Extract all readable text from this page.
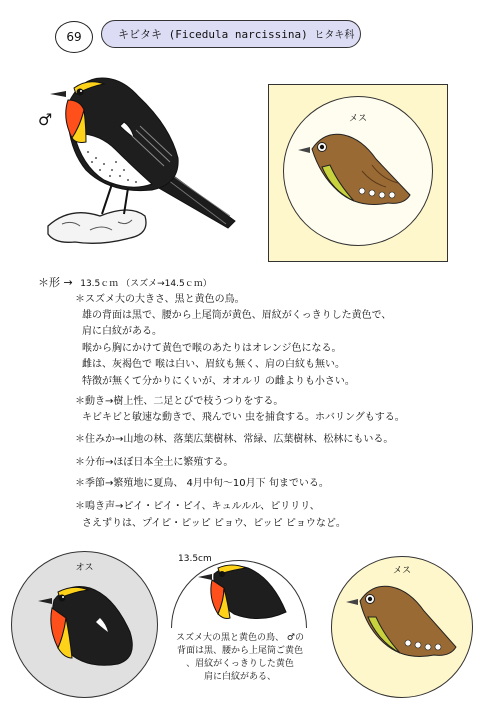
69	キビタキ (Ficedula narcissina) ヒタキ科
♂	メス
＊形 → 13.5ｃｍ （スズメ→14.5ｃｍ）
＊スズメ大の大きさ、黒と黄色の鳥。
雄の背面は黒で、腰から上尾筒が黄色、眉紋がくっきりした黄色で、
肩に白紋がある。
喉から胸にかけて黄色で喉のあたりはオレンジ色になる。
雌は、灰褐色で 喉は白い、眉紋も無く、肩の白紋も無い。
特徴が無くて分かりにくいが、オオルリ の雌よりも小さい。
＊動き→樹上性、二足とびで枝うつりをする。
キビキビと敏速な動きで、飛んでい 虫を捕食する。ホバリングもする。
＊住みか→山地の林、落葉広葉樹林、常緑、広葉樹林、松林にもいる。
＊分布→ほぼ日本全土に繁殖する。
＊季節→繁殖地に夏鳥、 4月中旬～10月下 旬までいる。
＊鳴き声→ピイ・ピイ・ピイ、キュルルル、ピリリリ、
さえずりは、プイピ・ピッピ ピョウ、ピッピ ピョウなど。
オス
13.5cm
スズメ大の黒と黄色の鳥、 ♂の
背面は黒、腰から上尾筒ご黄色
、眉紋がくっきりした黄色
肩に白紋がある、
メス
